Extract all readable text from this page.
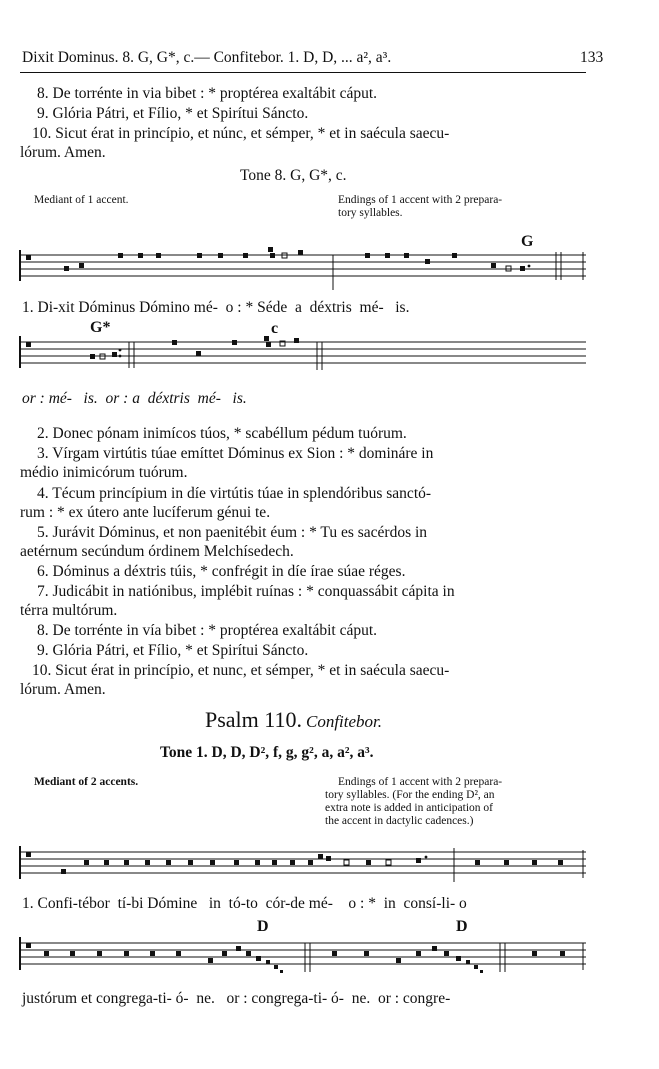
Dixit Dominus. 8. G, G*, c.— Confitebor. 1. D, D, ... a², a³.	133
8. De torrénte in via bibet : * proptérea exaltábit cáput.
9. Glória Pátri, et Fílio, * et Spirítui Sáncto.
10. Sicut érat in princípio, et núnc, et sémper, * et in saécula saecu-
lórum. Amen.
Tone 8. G, G*, c.
Mediant of 1 accent.	Endings of 1 accent with 2 prepara-
tory syllables.
G
1. Di-xit Dóminus Dómino mé-  o : * Séde  a  déxtris  mé-   is.
G*	c
or : mé-   is.  or : a  déxtris  mé-   is.
2. Donec pónam inimícos túos, * scabéllum pédum tuórum.
3. Vírgam virtútis túae emíttet Dóminus ex Sion : * domináre in
médio inimicórum tuórum.
4. Técum princípium in díe virtútis túae in splendóribus sanctó-
rum : * ex útero ante lucíferum génui te.
5. Jurávit Dóminus, et non paenitébit éum : * Tu es sacérdos in
aetérnum secúndum órdinem Melchísedech.
6. Dóminus a déxtris túis, * confrégit in díe írae súae réges.
7. Judicábit in natiónibus, implébit ruínas : * conquassábit cápita in
térra multórum.
8. De torrénte in vía bibet : * proptérea exaltábit cáput.
9. Glória Pátri, et Fílio, * et Spirítui Sáncto.
10. Sicut érat in princípio, et nunc, et sémper, * et in saécula saecu-
lórum. Amen.
Psalm 110. Confitebor.
Tone 1. D, D, D², f, g, g², a, a², a³.
Mediant of 2 accents.	Endings of 1 accent with 2 prepara-
tory syllables. (For the ending D², an
extra note is added in anticipation of
the accent in dactylic cadences.)
1. Confi-tébor  tí-bi Dómine   in  tó-to  cór-de mé-    o : *  in  consí-li- o
D	D
justórum et congrega-ti- ó-  ne.   or : congrega-ti- ó-  ne.  or : congre-
